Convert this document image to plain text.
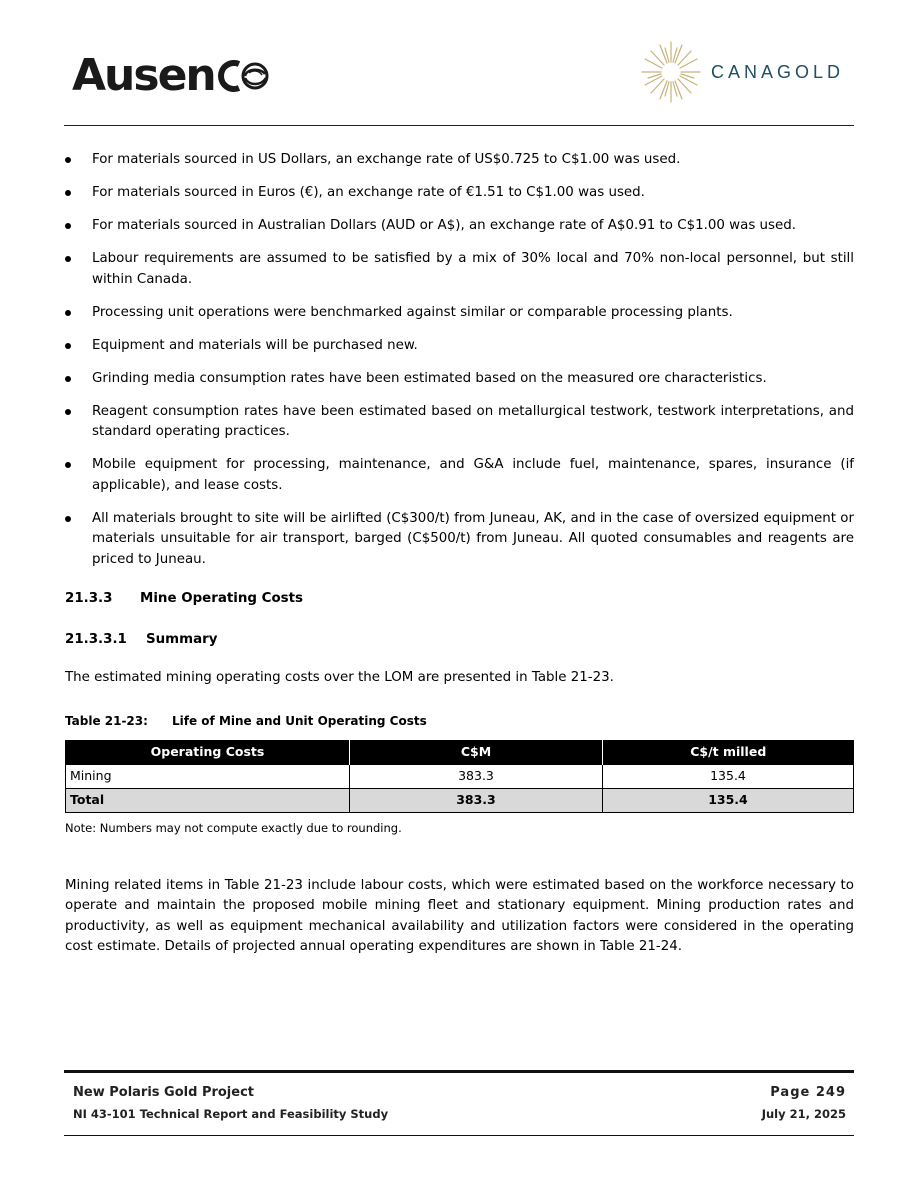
Ausen	CANAGOLD
For materials sourced in US Dollars, an exchange rate of US$0.725 to C$1.00 was used.
For materials sourced in Euros (€), an exchange rate of €1.51 to C$1.00 was used.
For materials sourced in Australian Dollars (AUD or A$), an exchange rate of A$0.91 to C$1.00 was used.
Labour requirements are assumed to be satisfied by a mix of 30% local and 70% non-local personnel, but still within Canada.
Processing unit operations were benchmarked against similar or comparable processing plants.
Equipment and materials will be purchased new.
Grinding media consumption rates have been estimated based on the measured ore characteristics.
Reagent consumption rates have been estimated based on metallurgical testwork, testwork interpretations, and standard operating practices.
Mobile equipment for processing, maintenance, and G&A include fuel, maintenance, spares, insurance (if applicable), and lease costs.
All materials brought to site will be airlifted (C$300/t) from Juneau, AK, and in the case of oversized equipment or materials unsuitable for air transport, barged (C$500/t) from Juneau. All quoted consumables and reagents are priced to Juneau.
21.3.3	Mine Operating Costs
21.3.3.1	Summary
The estimated mining operating costs over the LOM are presented in Table 21-23.
Table 21-23:	Life of Mine and Unit Operating Costs
Operating Costs	C$M	C$/t milled
Mining	383.3	135.4
Total	383.3	135.4
Note: Numbers may not compute exactly due to rounding.
Mining related items in Table 21-23 include labour costs, which were estimated based on the workforce necessary to operate and maintain the proposed mobile mining fleet and stationary equipment. Mining production rates and productivity, as well as equipment mechanical availability and utilization factors were considered in the operating cost estimate. Details of projected annual operating expenditures are shown in Table 21-24.
New Polaris Gold Project
NI 43-101 Technical Report and Feasibility Study
Page 249
July 21, 2025
